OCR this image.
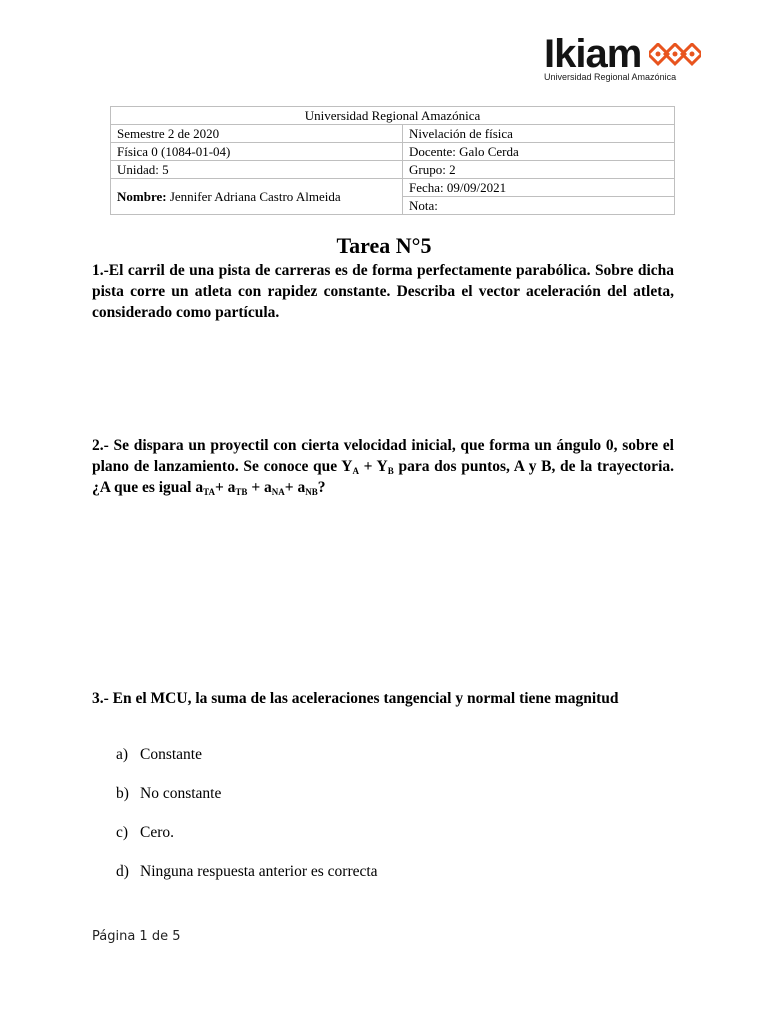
Ikiam
Universidad Regional Amazónica
Universidad Regional Amazónica	
Semestre 2 de 2020	Nivelación de física
Física 0 (1084-01-04)	Docente: Galo Cerda
Unidad: 5	Grupo: 2
Nombre: Jennifer Adriana Castro Almeida	Fecha: 09/09/2021
	Nota:
Tarea N°5

1.-El carril de una pista de carreras es de forma perfectamente parabólica. Sobre dicha pista corre un atleta con rapidez constante. Describa el vector aceleración del atleta, considerado como partícula.

2.- Se dispara un proyectil con cierta velocidad inicial, que forma un ángulo 0, sobre el plano de lanzamiento. Se conoce que $Y_A + Y_B$ para dos puntos, A y B, de la trayectoria. ¿A que es igual $a_{TA}+ a_{TB} + a_{NA}+ a_{NB}$?

3.- En el MCU, la suma de las aceleraciones tangencial y normal tiene magnitud

a) Constante
b) No constante
c) Cero.
d) Ninguna respuesta anterior es correcta
Página 1 de 5
